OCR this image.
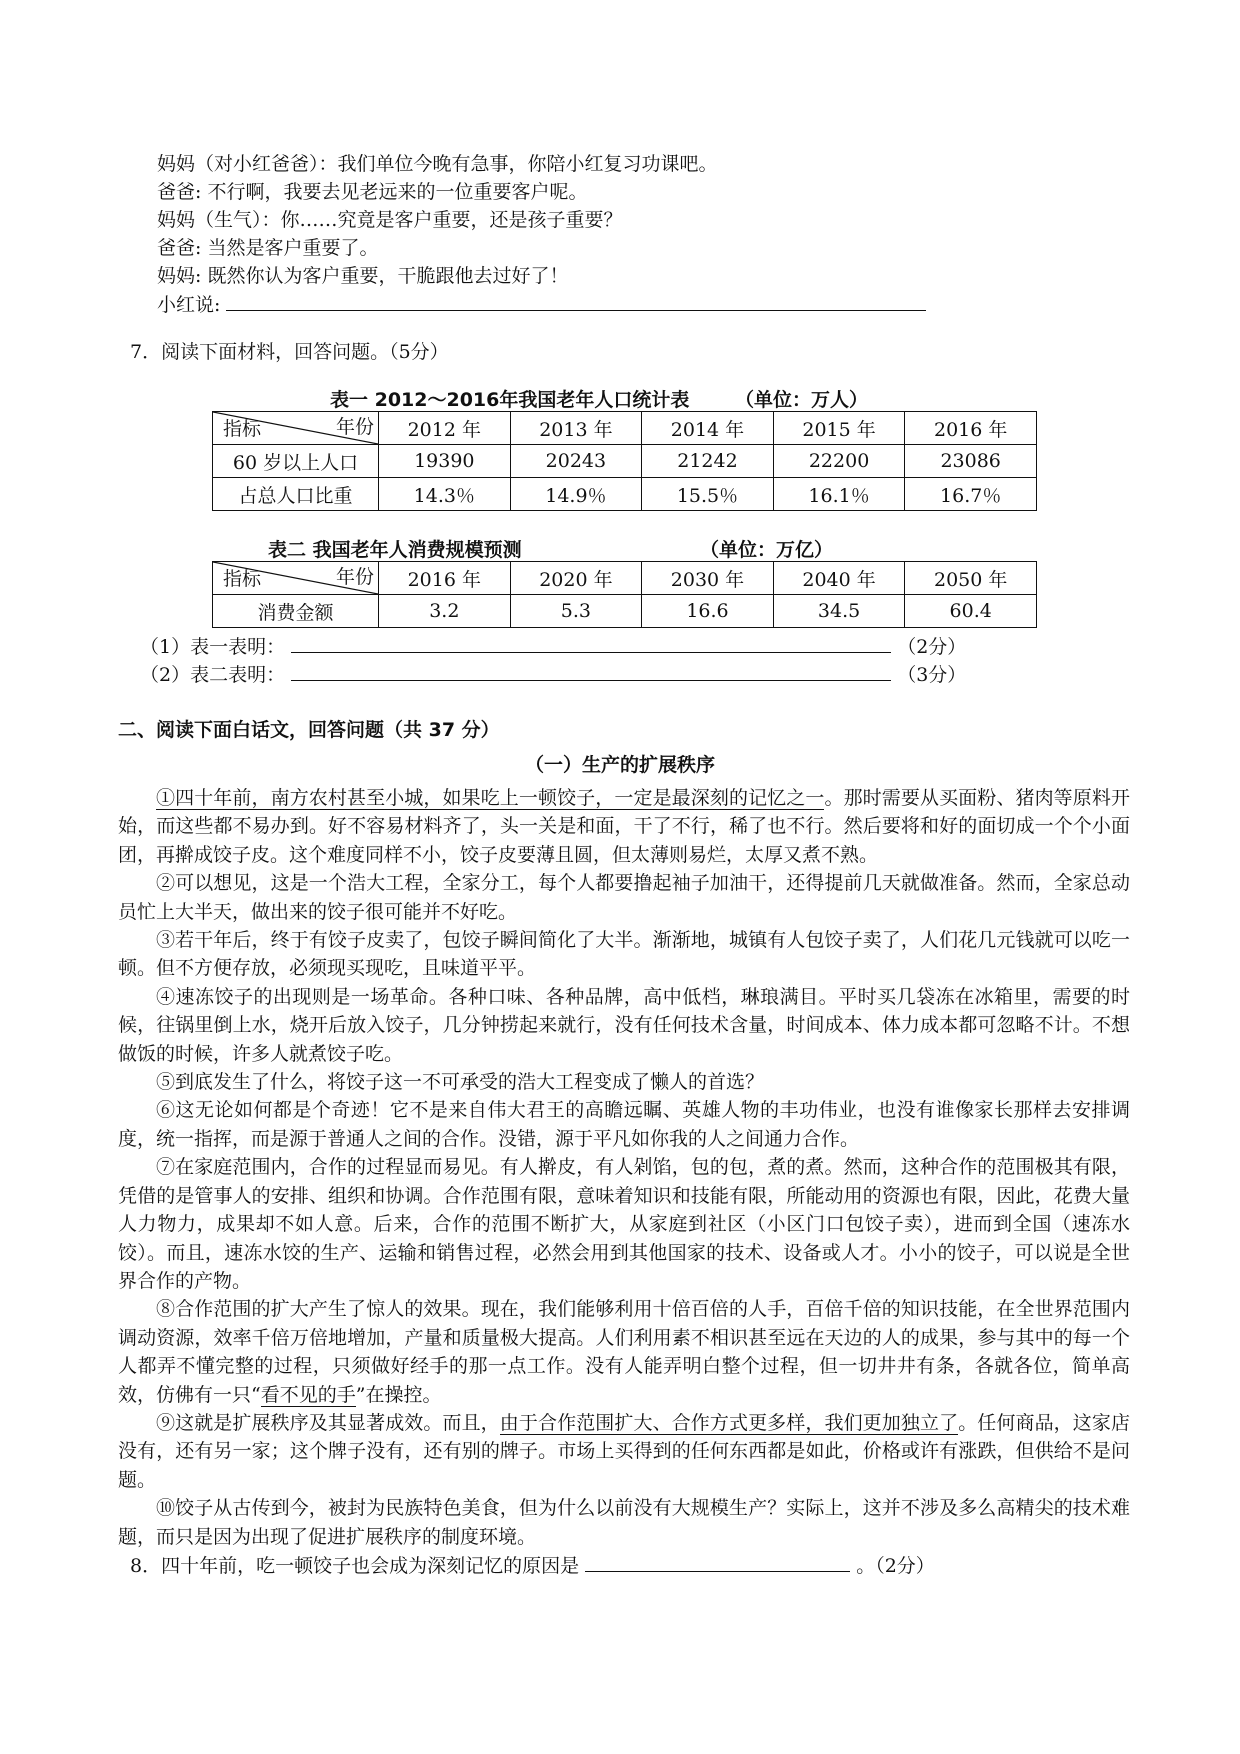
妈妈（对小红爸爸）：我们单位今晚有急事，你陪小红复习功课吧。
爸爸: 不行啊，我要去见老远来的一位重要客户呢。
妈妈（生气）：你……究竟是客户重要，还是孩子重要？
爸爸: 当然是客户重要了。
妈妈: 既然你认为客户重要，干脆跟他去过好了！
小红说:
7．阅读下面材料，回答问题。（5分）
表一 2012～2016年我国老年人口统计表 （单位：万人）
指标 年份	2012 年	2013 年	2014 年	2015 年	2016 年
60 岁以上人口	19390	20243	21242	22200	23086
占总人口比重	14.3％	14.9％	15.5％	16.1％	16.7％
表二 我国老年人消费规模预测	（单位：万亿）
指标 年份	2016 年	2020 年	2030 年	2040 年	2050 年
消费金额	3.2	5.3	16.6	34.5	60.4
（1）表一表明：	（2分）
（2）表二表明：	（3分）
二、阅读下面白话文，回答问题（共 37 分）
（一）生产的扩展秩序

①四十年前，南方农村甚至小城，如果吃上一顿饺子，一定是最深刻的记忆之一。那时需要从买面粉、猪肉等原料开始，而这些都不易办到。好不容易材料齐了，头一关是和面，干了不行，稀了也不行。然后要将和好的面切成一个个小面团，再擀成饺子皮。这个难度同样不小，饺子皮要薄且圆，但太薄则易烂，太厚又煮不熟。

②可以想见，这是一个浩大工程，全家分工，每个人都要撸起袖子加油干，还得提前几天就做准备。然而，全家总动员忙上大半天，做出来的饺子很可能并不好吃。

③若干年后，终于有饺子皮卖了，包饺子瞬间简化了大半。渐渐地，城镇有人包饺子卖了，人们花几元钱就可以吃一顿。但不方便存放，必须现买现吃，且味道平平。

④速冻饺子的出现则是一场革命。各种口味、各种品牌，高中低档，琳琅满目。平时买几袋冻在冰箱里，需要的时候，往锅里倒上水，烧开后放入饺子，几分钟捞起来就行，没有任何技术含量，时间成本、体力成本都可忽略不计。不想做饭的时候，许多人就煮饺子吃。

⑤到底发生了什么，将饺子这一不可承受的浩大工程变成了懒人的首选？

⑥这无论如何都是个奇迹！它不是来自伟大君王的高瞻远瞩、英雄人物的丰功伟业，也没有谁像家长那样去安排调度，统一指挥，而是源于普通人之间的合作。没错，源于平凡如你我的人之间通力合作。

⑦在家庭范围内，合作的过程显而易见。有人擀皮，有人剁馅，包的包，煮的煮。然而，这种合作的范围极其有限，凭借的是管事人的安排、组织和协调。合作范围有限，意味着知识和技能有限，所能动用的资源也有限，因此，花费大量人力物力，成果却不如人意。后来，合作的范围不断扩大，从家庭到社区（小区门口包饺子卖），进而到全国（速冻水饺）。而且，速冻水饺的生产、运输和销售过程，必然会用到其他国家的技术、设备或人才。小小的饺子，可以说是全世界合作的产物。

⑧合作范围的扩大产生了惊人的效果。现在，我们能够利用十倍百倍的人手，百倍千倍的知识技能，在全世界范围内调动资源，效率千倍万倍地增加，产量和质量极大提高。人们利用素不相识甚至远在天边的人的成果，参与其中的每一个人都弄不懂完整的过程，只须做好经手的那一点工作。没有人能弄明白整个过程，但一切井井有条，各就各位，简单高效，仿佛有一只“看不见的手”在操控。

⑨这就是扩展秩序及其显著成效。而且，由于合作范围扩大、合作方式更多样，我们更加独立了。任何商品，这家店没有，还有另一家；这个牌子没有，还有别的牌子。市场上买得到的任何东西都是如此，价格或许有涨跌，但供给不是问题。

⑩饺子从古传到今，被封为民族特色美食，但为什么以前没有大规模生产？实际上，这并不涉及多么高精尖的技术难题，而只是因为出现了促进扩展秩序的制度环境。

8．四十年前，吃一顿饺子也会成为深刻记忆的原因是	。（2分）
